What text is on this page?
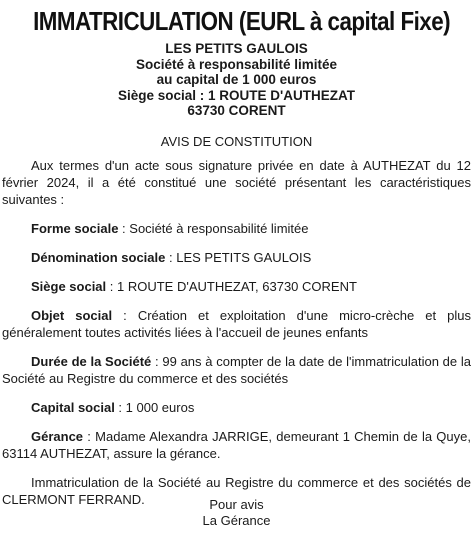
IMMATRICULATION (EURL à capital Fixe)
LES PETITS GAULOIS
Société à responsabilité limitée
au capital de 1 000 euros
Siège social : 1 ROUTE D'AUTHEZAT
63730 CORENT
AVIS DE CONSTITUTION

Aux termes d'un acte sous signature privée en date à AUTHEZAT du 12 février 2024, il a été constitué une société présentant les caractéristiques suivantes :

Forme sociale : Société à responsabilité limitée

Dénomination sociale : LES PETITS GAULOIS

Siège social : 1 ROUTE D'AUTHEZAT, 63730 CORENT

Objet social : Création et exploitation d'une micro-crèche et plus généralement toutes activités liées à l'accueil de jeunes enfants

Durée de la Société : 99 ans à compter de la date de l'immatriculation de la Société au Registre du commerce et des sociétés

Capital social : 1 000 euros

Gérance : Madame Alexandra JARRIGE, demeurant 1 Chemin de la Quye, 63114 AUTHEZAT, assure la gérance.

Immatriculation de la Société au Registre du commerce et des sociétés de CLERMONT FERRAND.	Pour avis
La Gérance
